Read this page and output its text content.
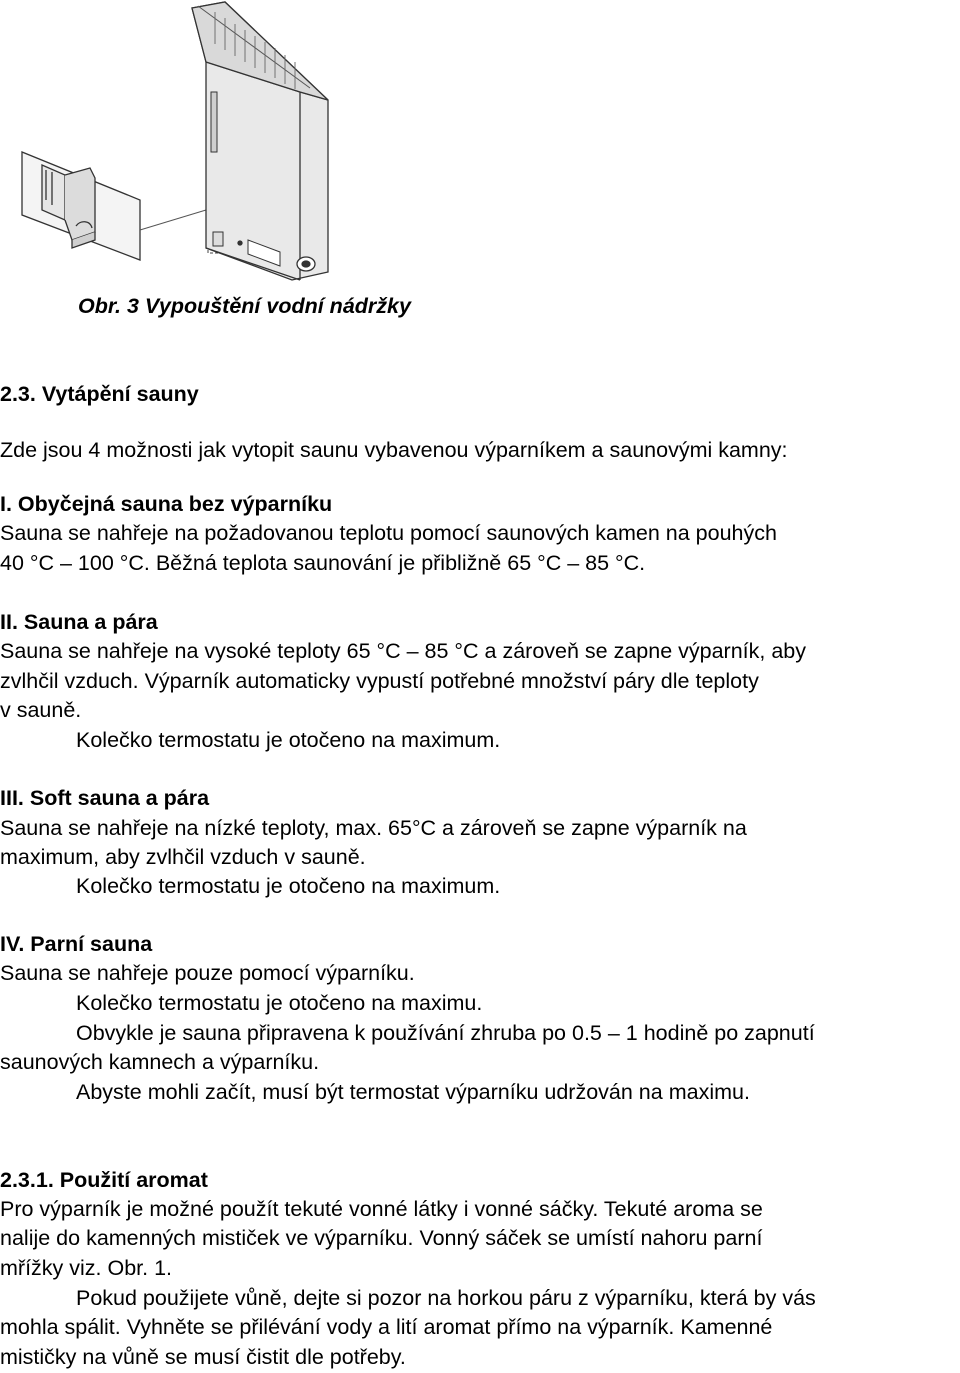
Obr. 3 Vypouštění vodní nádržky
2.3. Vytápění sauny
Zde jsou 4 možnosti jak vytopit saunu vybavenou výparníkem a saunovými kamny:
I. Obyčejná sauna bez výparníku
Sauna se nahřeje na požadovanou teplotu pomocí saunových kamen na pouhých
40 °C – 100 °C. Běžná teplota saunování je přibližně 65 °C – 85 °C.
II. Sauna a pára
Sauna se nahřeje na vysoké teploty 65 °C – 85 °C a zároveň se zapne výparník, aby
zvlhčil vzduch. Výparník automaticky vypustí potřebné množství páry dle teploty
v sauně.
Kolečko termostatu je otočeno na maximum.
III. Soft sauna a pára
Sauna se nahřeje na nízké teploty, max. 65°C a zároveň se zapne výparník na
maximum, aby zvlhčil vzduch v sauně.
Kolečko termostatu je otočeno na maximum.
IV. Parní sauna
Sauna se nahřeje pouze pomocí výparníku.
Kolečko termostatu je otočeno na maximu.
Obvykle je sauna připravena k používání zhruba po 0.5 – 1 hodině po zapnutí
saunových kamnech a výparníku.
Abyste mohli začít, musí být termostat výparníku udržován na maximu.
2.3.1. Použití aromat
Pro výparník je možné použít tekuté vonné látky i vonné sáčky. Tekuté aroma se
nalije do kamenných mističek ve výparníku. Vonný sáček se umístí nahoru parní
mřížky viz. Obr. 1.
Pokud použijete vůně, dejte si pozor na horkou páru z výparníku, která by vás
mohla spálit. Vyhněte se přilévání vody a lití aromat přímo na výparník. Kamenné
mističky na vůně se musí čistit dle potřeby.
